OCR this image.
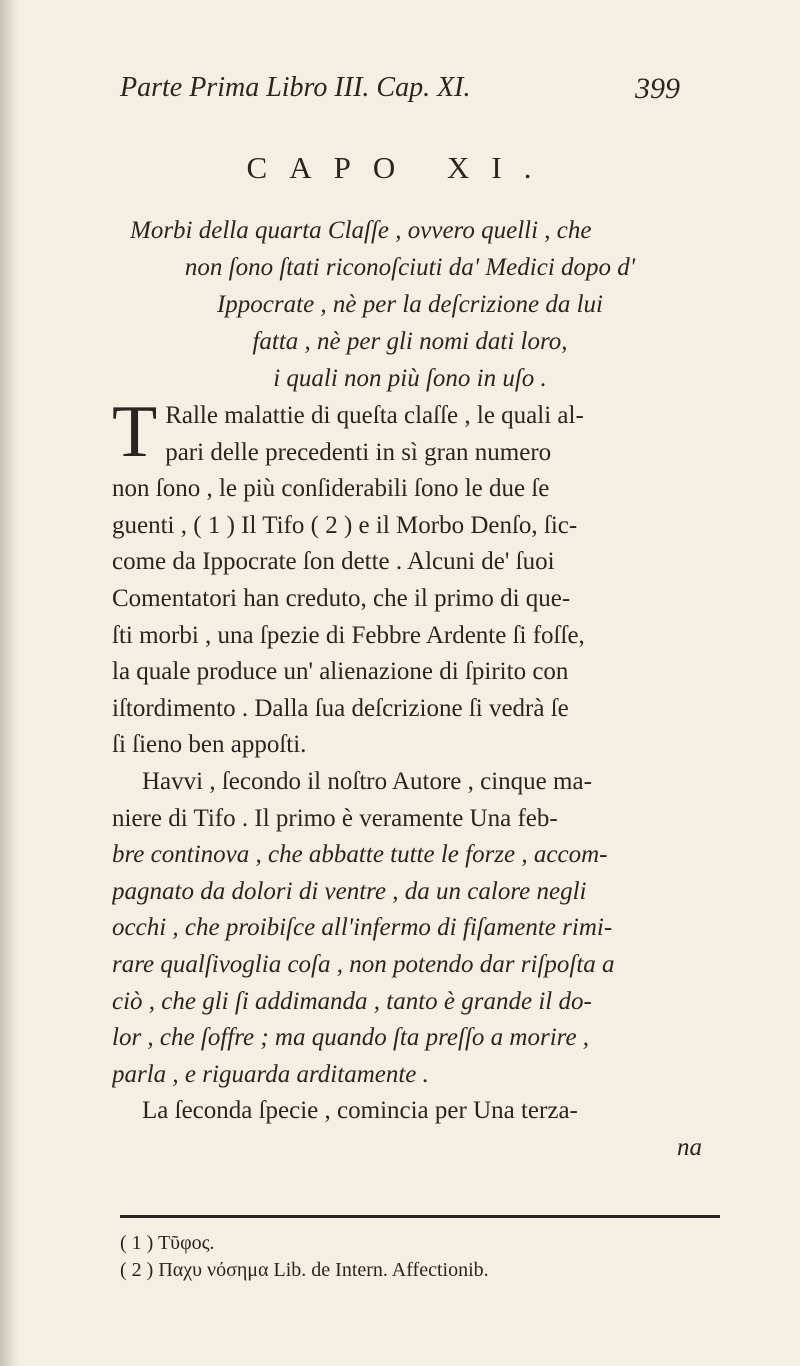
Parte Prima Libro III. Cap. XI.	399
CAPO XI.
Morbi della quarta Claſſe , ovvero quelli , che
non ſono ſtati riconoſciuti da' Medici dopo d'
Ippocrate , nè per la deſcrizione da lui
fatta , nè per gli nomi dati loro,
i quali non più ſono in uſo .
T Ralle malattie di queſta claſſe , le quali al-
pari delle precedenti in sì gran numero
non ſono , le più conſiderabili ſono le due ſe
guenti , ( 1 ) Il Tifo ( 2 ) e il Morbo Denſo, ſic-
come da Ippocrate ſon dette . Alcuni de' ſuoi
Comentatori han creduto, che il primo di que-
ſti morbi , una ſpezie di Febbre Ardente ſi foſſe,
la quale produce un' alienazione di ſpirito con
iſtordimento . Dalla ſua deſcrizione ſi vedrà ſe
ſi ſieno ben appoſti.
Havvi , ſecondo il noſtro Autore , cinque ma-
niere di Tifo . Il primo è veramente Una feb-
bre continova , che abbatte tutte le forze , accom-
pagnato da dolori di ventre , da un calore negli
occhi , che proibiſce all'infermo di fiſamente rimi-
rare qualſivoglia coſa , non potendo dar riſpoſta a
ciò , che gli ſi addimanda , tanto è grande il do-
lor , che ſoffre ; ma quando ſta preſſo a morire ,
parla , e riguarda arditamente .
La ſeconda ſpecie , comincia per Una terza-
na
( 1 ) Τῦφος.
( 2 ) Παχυ νόσημα Lib. de Intern. Affectionib.
